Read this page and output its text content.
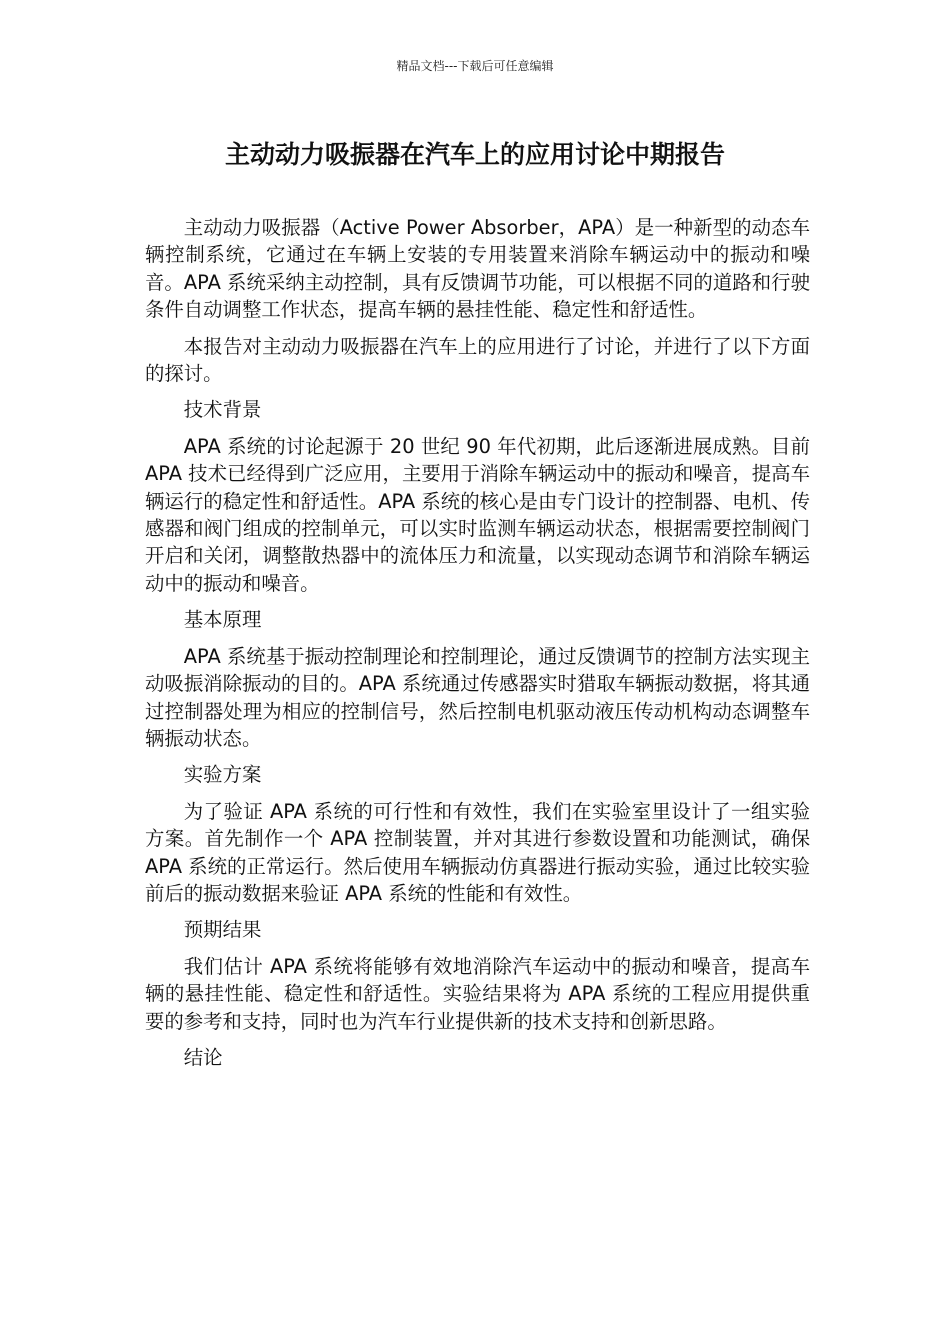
精品文档---下载后可任意编辑
主动动力吸振器在汽车上的应用讨论中期报告

主动动力吸振器（Active Power Absorber，APA）是一种新型的动态车辆控制系统，它通过在车辆上安装的专用装置来消除车辆运动中的振动和噪音。APA 系统采纳主动控制，具有反馈调节功能，可以根据不同的道路和行驶条件自动调整工作状态，提高车辆的悬挂性能、稳定性和舒适性。

本报告对主动动力吸振器在汽车上的应用进行了讨论，并进行了以下方面的探讨。

技术背景

APA 系统的讨论起源于 20 世纪 90 年代初期，此后逐渐进展成熟。目前 APA 技术已经得到广泛应用，主要用于消除车辆运动中的振动和噪音，提高车辆运行的稳定性和舒适性。APA 系统的核心是由专门设计的控制器、电机、传感器和阀门组成的控制单元，可以实时监测车辆运动状态，根据需要控制阀门开启和关闭，调整散热器中的流体压力和流量，以实现动态调节和消除车辆运动中的振动和噪音。

基本原理

APA 系统基于振动控制理论和控制理论，通过反馈调节的控制方法实现主动吸振消除振动的目的。APA 系统通过传感器实时猎取车辆振动数据，将其通过控制器处理为相应的控制信号，然后控制电机驱动液压传动机构动态调整车辆振动状态。

实验方案

为了验证 APA 系统的可行性和有效性，我们在实验室里设计了一组实验方案。首先制作一个 APA 控制装置，并对其进行参数设置和功能测试，确保 APA 系统的正常运行。然后使用车辆振动仿真器进行振动实验，通过比较实验前后的振动数据来验证 APA 系统的性能和有效性。

预期结果

我们估计 APA 系统将能够有效地消除汽车运动中的振动和噪音，提高车辆的悬挂性能、稳定性和舒适性。实验结果将为 APA 系统的工程应用提供重要的参考和支持，同时也为汽车行业提供新的技术支持和创新思路。

结论
